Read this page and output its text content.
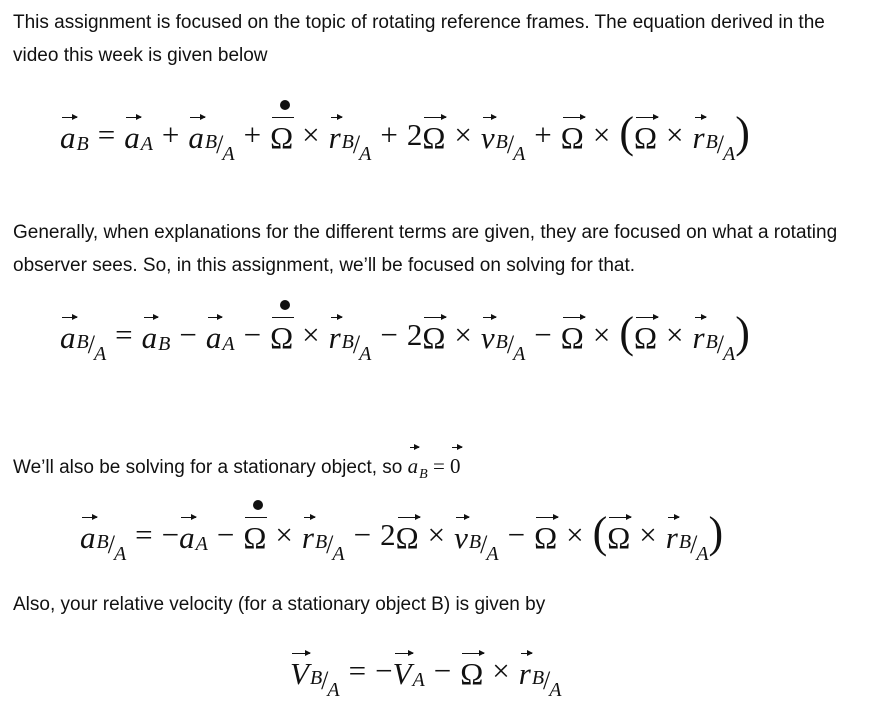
This assignment is focused on the topic of rotating reference frames. The equation derived in the video this week is given below

a B = a A + a B / A
+ Ω × r B / A
+ 2 Ω × v B / A
+ Ω × ( Ω × r B / A )

Generally, when explanations for the different terms are given, they are focused on what a rotating observer sees. So, in this assignment, we’ll be focused on solving for that.

a B / A
= a B − a A − Ω × r B / A
− 2 Ω × v B / A
− Ω × ( Ω × r B / A )

We’ll also be solving for a stationary object, so $a_B = 0$

a B / A
= − a A − Ω × r B / A
− 2 Ω × v B / A
− Ω × ( Ω × r B / A )

Also, your relative velocity (for a stationary object B) is given by

V B / A
= − V A − Ω × r B / A
